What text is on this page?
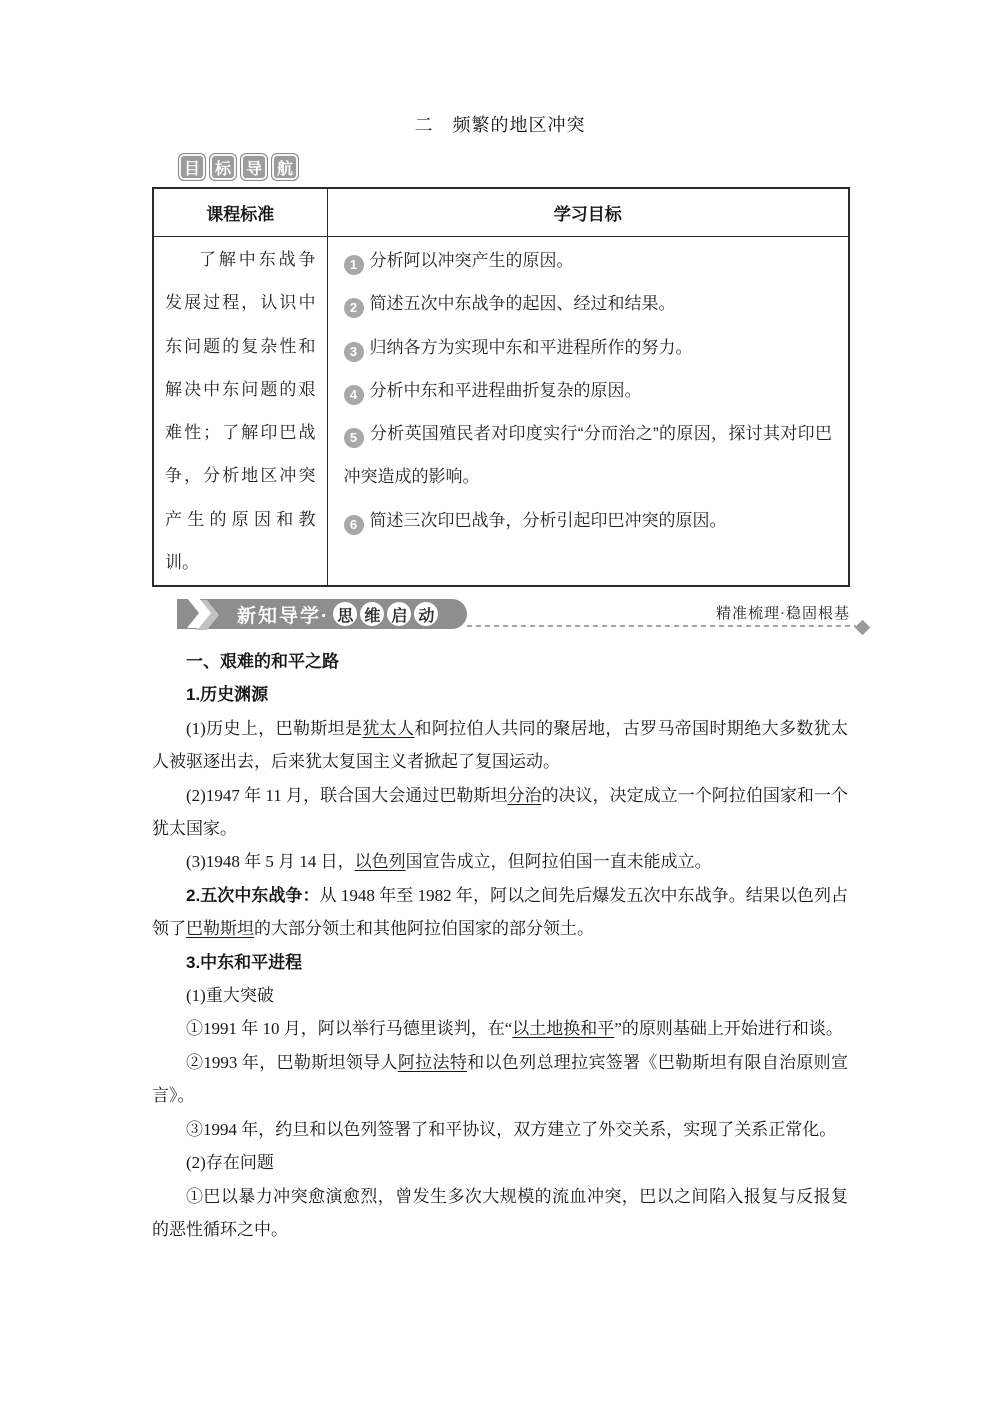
二　频繁的地区冲突
目 标 导 航
课程标准	学习目标
了解中东战争发展过程，认识中东问题的复杂性和解决中东问题的艰难性；了解印巴战争，分析地区冲突产生的原因和教训。	
1 分析阿以冲突产生的原因。
2 简述五次中东战争的起因、经过和结果。
3 归纳各方为实现中东和平进程所作的努力。
4 分析中东和平进程曲折复杂的原因。
5 分析英国殖民者对印度实行“分而治之”的原因，探讨其对印巴冲突造成的影响。
6 简述三次印巴战争，分析引起印巴冲突的原因。
新知导学· 思 维 启 动	精准梳理·稳固根基

一、艰难的和平之路

1.历史渊源

(1)历史上，巴勒斯坦是犹太人和阿拉伯人共同的聚居地，古罗马帝国时期绝大多数犹太人被驱逐出去，后来犹太复国主义者掀起了复国运动。

(2)1947 年 11 月，联合国大会通过巴勒斯坦分治的决议，决定成立一个阿拉伯国家和一个犹太国家。

(3)1948 年 5 月 14 日，以色列国宣告成立，但阿拉伯国一直未能成立。

2.五次中东战争：从 1948 年至 1982 年，阿以之间先后爆发五次中东战争。结果以色列占领了巴勒斯坦的大部分领土和其他阿拉伯国家的部分领土。

3.中东和平进程

(1)重大突破

①1991 年 10 月，阿以举行马德里谈判，在“以土地换和平”的原则基础上开始进行和谈。

②1993 年，巴勒斯坦领导人阿拉法特和以色列总理拉宾签署《巴勒斯坦有限自治原则宣言》。

③1994 年，约旦和以色列签署了和平协议，双方建立了外交关系，实现了关系正常化。

(2)存在问题

①巴以暴力冲突愈演愈烈，曾发生多次大规模的流血冲突，巴以之间陷入报复与反报复的恶性循环之中。
